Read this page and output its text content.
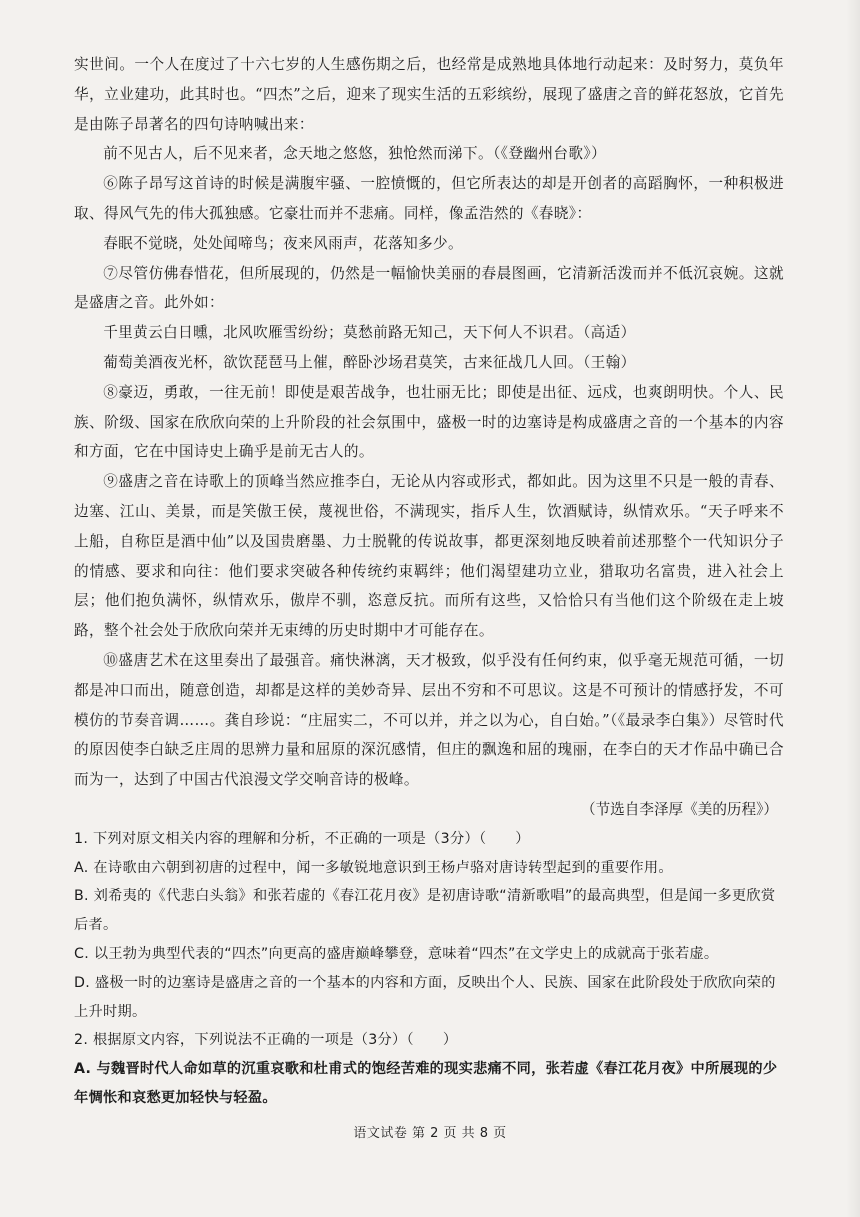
实世间。一个人在度过了十六七岁的人生感伤期之后，也经常是成熟地具体地行动起来：及时努力，莫负年华，立业建功，此其时也。“四杰”之后，迎来了现实生活的五彩缤纷，展现了盛唐之音的鲜花怒放，它首先是由陈子昂著名的四句诗呐喊出来：

前不见古人，后不见来者，念天地之悠悠，独怆然而涕下。（《登幽州台歌》）

⑥陈子昂写这首诗的时候是满腹牢骚、一腔愤慨的，但它所表达的却是开创者的高蹈胸怀，一种积极进取、得风气先的伟大孤独感。它豪壮而并不悲痛。同样，像孟浩然的《春晓》：

春眠不觉晓，处处闻啼鸟；夜来风雨声，花落知多少。

⑦尽管仿佛春惜花，但所展现的，仍然是一幅愉快美丽的春晨图画，它清新活泼而并不低沉哀婉。这就是盛唐之音。此外如：

千里黄云白日曛，北风吹雁雪纷纷；莫愁前路无知己，天下何人不识君。（高适）

葡萄美酒夜光杯，欲饮琵琶马上催，醉卧沙场君莫笑，古来征战几人回。（王翰）

⑧豪迈，勇敢，一往无前！即使是艰苦战争，也壮丽无比；即使是出征、远戍，也爽朗明快。个人、民族、阶级、国家在欣欣向荣的上升阶段的社会氛围中，盛极一时的边塞诗是构成盛唐之音的一个基本的内容和方面，它在中国诗史上确乎是前无古人的。

⑨盛唐之音在诗歌上的顶峰当然应推李白，无论从内容或形式，都如此。因为这里不只是一般的青春、边塞、江山、美景，而是笑傲王侯，蔑视世俗，不满现实，指斥人生，饮酒赋诗，纵情欢乐。“天子呼来不上船，自称臣是酒中仙”以及国贵磨墨、力士脱靴的传说故事，都更深刻地反映着前述那整个一代知识分子的情感、要求和向往：他们要求突破各种传统约束羁绊；他们渴望建功立业，猎取功名富贵，进入社会上层；他们抱负满怀，纵情欢乐，傲岸不驯，恣意反抗。而所有这些，又恰恰只有当他们这个阶级在走上坡路，整个社会处于欣欣向荣并无束缚的历史时期中才可能存在。

⑩盛唐艺术在这里奏出了最强音。痛快淋漓，天才极致，似乎没有任何约束，似乎毫无规范可循，一切都是冲口而出，随意创造，却都是这样的美妙奇异、层出不穷和不可思议。这是不可预计的情感抒发，不可模仿的节奏音调……。龚自珍说：“庄屈实二，不可以并，并之以为心，自白始。”（《最录李白集》）尽管时代的原因使李白缺乏庄周的思辨力量和屈原的深沉感情，但庄的飘逸和屈的瑰丽，在李白的天才作品中确已合而为一，达到了中国古代浪漫文学交响音诗的极峰。

（节选自李泽厚《美的历程》）

1. 下列对原文相关内容的理解和分析，不正确的一项是（3分）（　　）

A. 在诗歌由六朝到初唐的过程中，闻一多敏锐地意识到王杨卢骆对唐诗转型起到的重要作用。

B. 刘希夷的《代悲白头翁》和张若虚的《春江花月夜》是初唐诗歌“清新歌唱”的最高典型，但是闻一多更欣赏后者。

C. 以王勃为典型代表的“四杰”向更高的盛唐巅峰攀登，意味着“四杰”在文学史上的成就高于张若虚。

D. 盛极一时的边塞诗是盛唐之音的一个基本的内容和方面，反映出个人、民族、国家在此阶段处于欣欣向荣的上升时期。

2. 根据原文内容，下列说法不正确的一项是（3分）（　　）

A. 与魏晋时代人命如草的沉重哀歌和杜甫式的饱经苦难的现实悲痛不同，张若虚《春江花月夜》中所展现的少年惆怅和哀愁更加轻快与轻盈。

语文试卷 第 2 页 共 8 页
